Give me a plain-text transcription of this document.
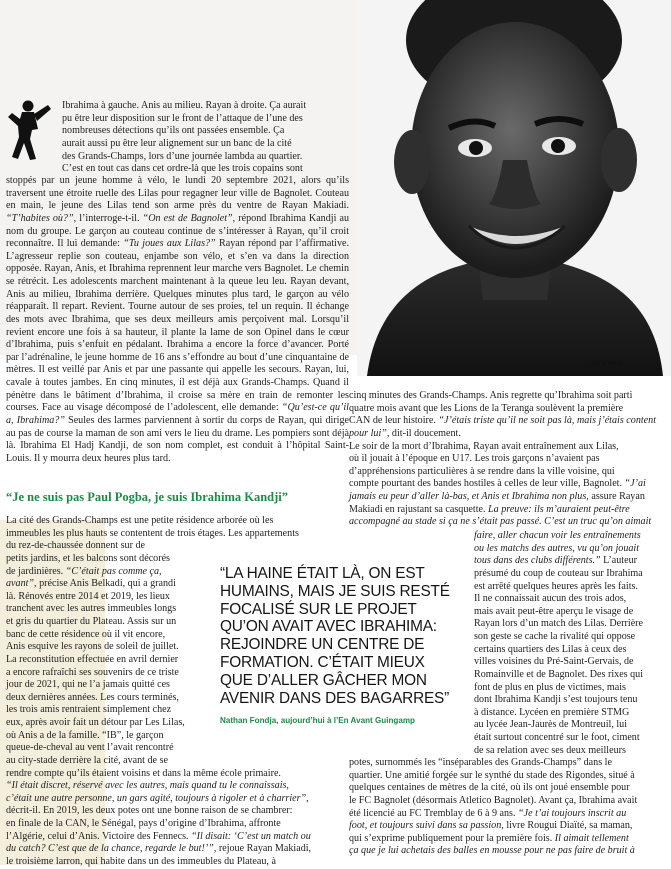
Ibrahima.
Ibrahima à gauche. Anis au milieu. Rayan à droite. Ça aurait
pu être leur disposition sur le front de l’attaque de l’une des
nombreuses détections qu’ils ont passées ensemble. Ça
aurait aussi pu être leur alignement sur un banc de la cité
des Grands-Champs, lors d’une journée lambda au quartier.
C’est en tout cas dans cet ordre-là que les trois copains sont

stoppés par un jeune homme à vélo, le lundi 20 septembre 2021, alors qu’ils traversent une étroite ruelle des Lilas pour regagner leur ville de Bagnolet. Couteau en main, le jeune des Lilas tend son arme près du ventre de Rayan Makiadi. “T’habites où?”, l’interroge-t-il. “On est de Bagnolet”, répond Ibrahima Kandji au nom du groupe. Le garçon au couteau continue de s’intéresser à Rayan, qu’il croit reconnaître. Il lui demande: “Tu joues aux Lilas?” Rayan répond par l’affirmative. L’agresseur replie son couteau, enjambe son vélo, et s’en va dans la direction opposée. Rayan, Anis, et Ibrahima reprennent leur marche vers Bagnolet. Le chemin se rétrécit. Les adolescents marchent maintenant à la queue leu leu. Rayan devant, Anis au milieu, Ibrahima derrière. Quelques minutes plus tard, le garçon au vélo réapparaît. Il repart. Revient. Tourne autour de ses proies, tel un requin. Il échange des mots avec Ibrahima, que ses deux meilleurs amis perçoivent mal. Lorsqu’il revient encore une fois à sa hauteur, il plante la lame de son Opinel dans le cœur d’Ibrahima, puis s’enfuit en pédalant. Ibrahima a encore la force d’avancer. Porté par l’adrénaline, le jeune homme de 16 ans s’effondre au bout d’une cinquantaine de mètres. Il est veillé par Anis et par une passante qui appelle les secours. Rayan, lui, cavale à toutes jambes. En cinq minutes, il est déjà aux Grands-Champs. Quand il pénètre dans le bâtiment d’Ibrahima, il croise sa mère en train de remonter les courses. Face au visage décomposé de l’adolescent, elle demande: “Qu’est-ce qu’il a, Ibrahima?” Seules des larmes parviennent à sortir du corps de Rayan, qui dirige au pas de course la maman de son ami vers le lieu du drame. Les pompiers sont déjà là. Ibrahima El Hadj Kandji, de son nom complet, est conduit à l’hôpital Saint-Louis. Il y mourra deux heures plus tard.

“Je ne suis pas Paul Pogba, je suis Ibrahima Kandji”
La cité des Grands-Champs est une petite résidence arborée où les
immeubles les plus hauts se contentent de trois étages. Les appartements
du rez-de-chaussée donnent sur de
petits jardins, et les balcons sont décorés
de jardinières. “C’était pas comme ça,
avant”, précise Anis Belkadi, qui a grandi
là. Rénovés entre 2014 et 2019, les lieux
tranchent avec les autres immeubles longs
et gris du quartier du Plateau. Assis sur un
banc de cette résidence où il vit encore,
Anis esquive les rayons de soleil de juillet.
La reconstitution effectuée en avril dernier
a encore rafraîchi ses souvenirs de ce triste
jour de 2021, qui ne l’a jamais quitté ces
deux dernières années. Les cours terminés,
les trois amis rentraient simplement chez
eux, après avoir fait un détour par Les Lilas,
où Anis a de la famille. “IB”, le garçon
queue-de-cheval au vent l’avait rencontré
au city-stade derrière la cité, avant de se
rendre compte qu’ils étaient voisins et dans la même école primaire.
“Il était discret, réservé avec les autres, mais quand tu le connaissais,
c’était une autre personne, un gars agité, toujours à rigoler et à charrier”,
décrit-il. En 2019, les deux potes ont une bonne raison de se chambrer:
en finale de la CAN, le Sénégal, pays d’origine d’Ibrahima, affronte
l’Algérie, celui d’Anis. Victoire des Fennecs. “Il disait: ‘C’est un match ou
du catch? C’est que de la chance, regarde le but!’”, rejoue Rayan Makiadi,
le troisième larron, qui habite dans un des immeubles du Plateau, à
cinq minutes des Grands-Champs. Anis regrette qu’Ibrahima soit parti
quatre mois avant que les Lions de la Teranga soulèvent la première
CAN de leur histoire. “J’étais triste qu’il ne soit pas là, mais j’étais content
pour lui”, dit-il doucement.
Le soir de la mort d’Ibrahima, Rayan avait entraînement aux Lilas,
où il jouait à l’époque en U17. Les trois garçons n’avaient pas
d’appréhensions particulières à se rendre dans la ville voisine, qui
compte pourtant des bandes hostiles à celles de leur ville, Bagnolet. “J’ai
jamais eu peur d’aller là-bas, et Anis et Ibrahima non plus, assure Rayan
Makiadi en rajustant sa casquette. La preuve: ils m’auraient peut-être
accompagné au stade si ça ne s’était pas passé. C’est un truc qu’on aimait
faire, aller chacun voir les entraînements
ou les matchs des autres, vu qu’on jouait
tous dans des clubs différents.” L’auteur
présumé du coup de couteau sur Ibrahima
est arrêté quelques heures après les faits.
Il ne connaissait aucun des trois ados,
mais avait peut-être aperçu le visage de
Rayan lors d’un match des Lilas. Derrière
son geste se cache la rivalité qui oppose
certains quartiers des Lilas à ceux des
villes voisines du Pré-Saint-Gervais, de
Romainville et de Bagnolet. Des rixes qui
font de plus en plus de victimes, mais
dont Ibrahima Kandji s’est toujours tenu
à distance. Lycéen en première STMG
au lycée Jean-Jaurès de Montreuil, lui
était surtout concentré sur le foot, ciment
de sa relation avec ses deux meilleurs
potes, surnommés les “inséparables des Grands-Champs” dans le
quartier. Une amitié forgée sur le synthé du stade des Rigondes, situé à
quelques centaines de mètres de la cité, où ils ont joué ensemble pour
le FC Bagnolet (désormais Atletico Bagnolet). Avant ça, Ibrahima avait
été licencié au FC Tremblay de 6 à 9 ans. “Je t’ai toujours inscrit au
foot, et toujours suivi dans sa passion, livre Rougui Diaïté, sa maman,
qui s’exprime publiquement pour la première fois. Il aimait tellement
ça que je lui achetais des balles en mousse pour ne pas faire de bruit à

“LA HAINE ÉTAIT LÀ, ON EST HUMAINS, MAIS JE SUIS RESTÉ FOCALISÉ SUR LE PROJET QU’ON AVAIT AVEC IBRAHIMA: REJOINDRE UN CENTRE DE FORMATION. C’ÉTAIT MIEUX QUE D’ALLER GÂCHER MON AVENIR DANS DES BAGARRES”

Nathan Fondja, aujourd’hui à l’En Avant Guingamp
